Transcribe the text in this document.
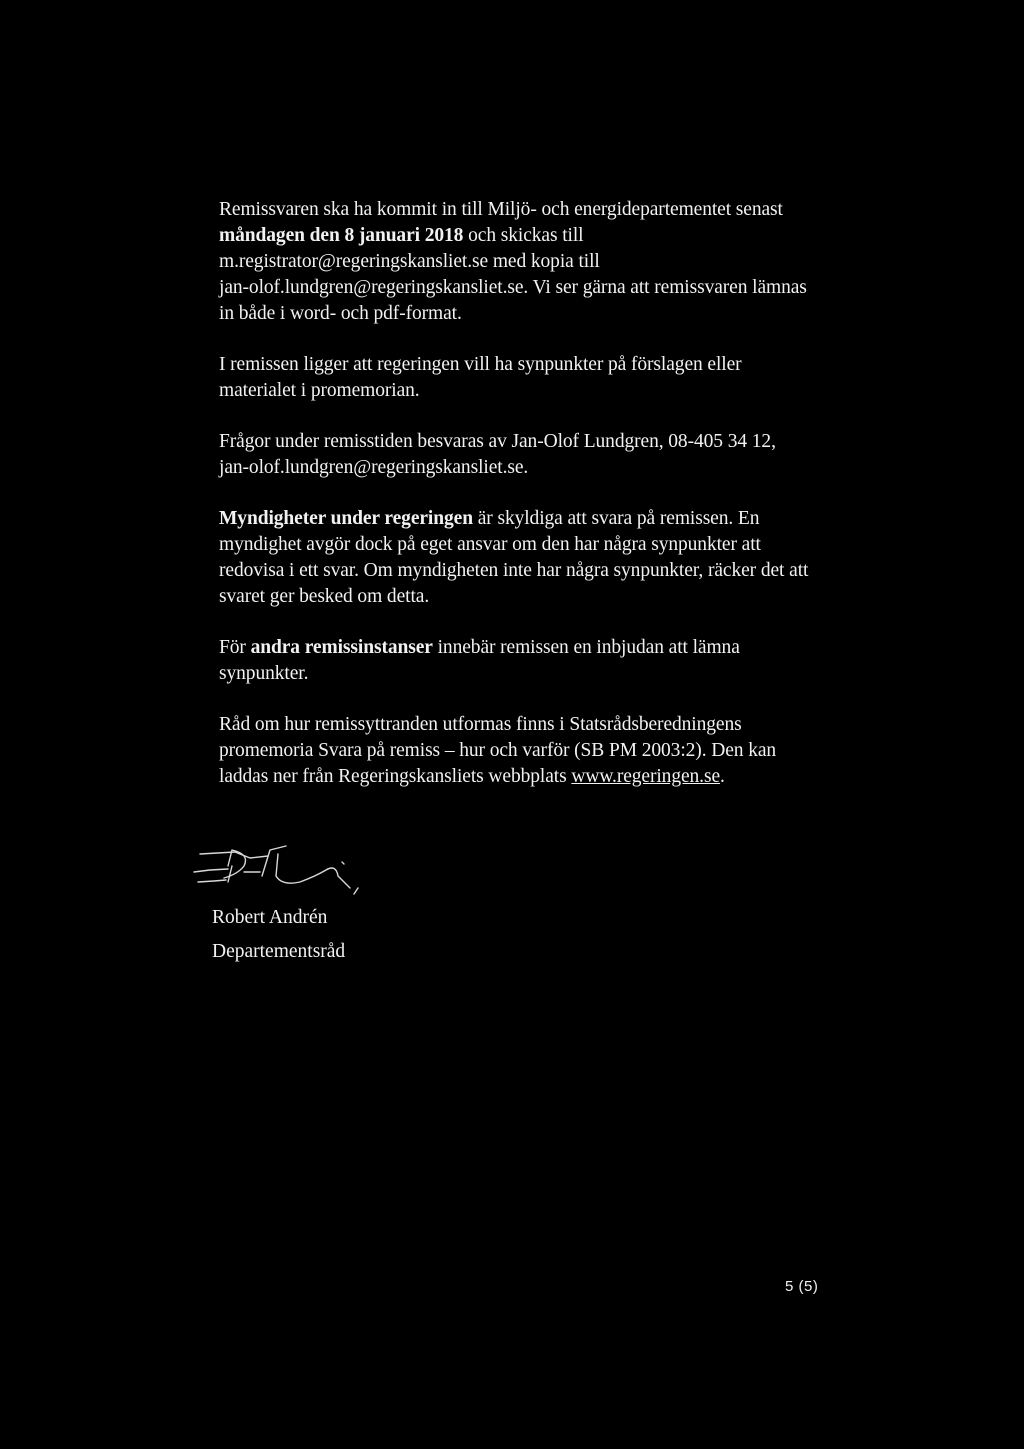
Remissvaren ska ha kommit in till Miljö- och energidepartementet senast
måndagen den 8 januari 2018 och skickas till
m.registrator@regeringskansliet.se med kopia till
jan-olof.lundgren@regeringskansliet.se. Vi ser gärna att remissvaren lämnas
in både i word- och pdf-format.

I remissen ligger att regeringen vill ha synpunkter på förslagen eller
materialet i promemorian.

Frågor under remisstiden besvaras av Jan-Olof Lundgren, 08-405 34 12,
jan-olof.lundgren@regeringskansliet.se.

Myndigheter under regeringen är skyldiga att svara på remissen. En
myndighet avgör dock på eget ansvar om den har några synpunkter att
redovisa i ett svar. Om myndigheten inte har några synpunkter, räcker det att
svaret ger besked om detta.

För andra remissinstanser innebär remissen en inbjudan att lämna
synpunkter.

Råd om hur remissyttranden utformas finns i Statsrådsberedningens
promemoria Svara på remiss – hur och varför (SB PM 2003:2). Den kan
laddas ner från Regeringskansliets webbplats www.regeringen.se.

Robert Andrén
Departementsråd
5 (5)
